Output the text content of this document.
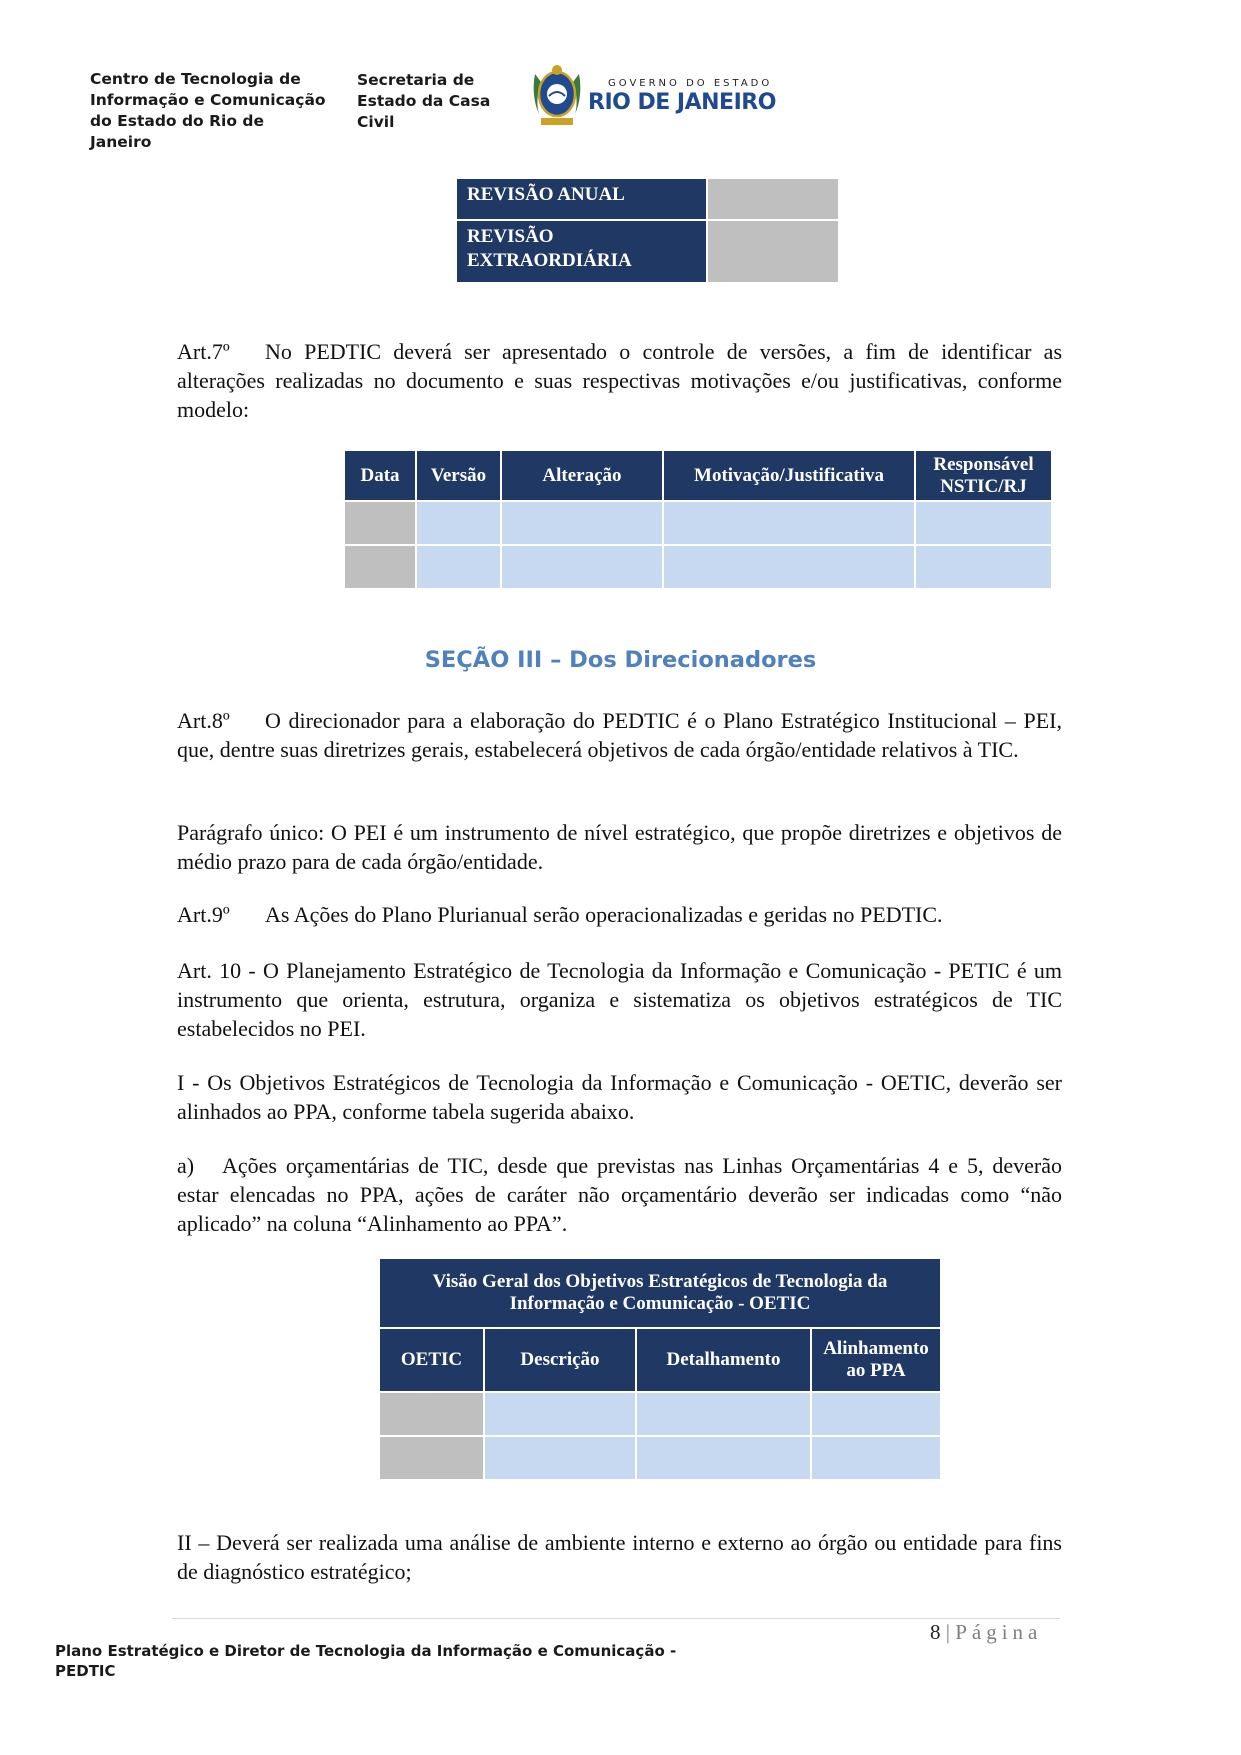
Centro de Tecnologia de
Informação e Comunicação
do Estado do Rio de Janeiro
Secretaria de
Estado da Casa
Civil
GOVERNO DO ESTADO
RIO DE JANEIRO
REVISÃO ANUAL	
REVISÃO
EXTRAORDIÁRIA	
Art.7º No PEDTIC deverá ser apresentado o controle de versões, a fim de identificar as alterações realizadas no documento e suas respectivas motivações e/ou justificativas, conforme modelo:
Data	Versão	Alteração	Motivação/Justificativa	Responsável
NSTIC/RJ

SEÇÃO III – Dos Direcionadores
Art.8º O direcionador para a elaboração do PEDTIC é o Plano Estratégico Institucional – PEI, que, dentre suas diretrizes gerais, estabelecerá objetivos de cada órgão/entidade relativos à TIC.
Parágrafo único: O PEI é um instrumento de nível estratégico, que propõe diretrizes e objetivos de médio prazo para de cada órgão/entidade.
Art.9º As Ações do Plano Plurianual serão operacionalizadas e geridas no PEDTIC.
Art. 10 - O Planejamento Estratégico de Tecnologia da Informação e Comunicação - PETIC é um instrumento que orienta, estrutura, organiza e sistematiza os objetivos estratégicos de TIC estabelecidos no PEI.
I - Os Objetivos Estratégicos de Tecnologia da Informação e Comunicação - OETIC, deverão ser alinhados ao PPA, conforme tabela sugerida abaixo.
a) Ações orçamentárias de TIC, desde que previstas nas Linhas Orçamentárias 4 e 5, deverão estar elencadas no PPA, ações de caráter não orçamentário deverão ser indicadas como “não aplicado” na coluna “Alinhamento ao PPA”.
Visão Geral dos Objetivos Estratégicos de Tecnologia da Informação e Comunicação - OETIC			
OETIC	Descrição	Detalhamento	Alinhamento
ao PPA

II – Deverá ser realizada uma análise de ambiente interno e externo ao órgão ou entidade para fins de diagnóstico estratégico;
8 | Página
Plano Estratégico e Diretor de Tecnologia da Informação e Comunicação - PEDTIC
